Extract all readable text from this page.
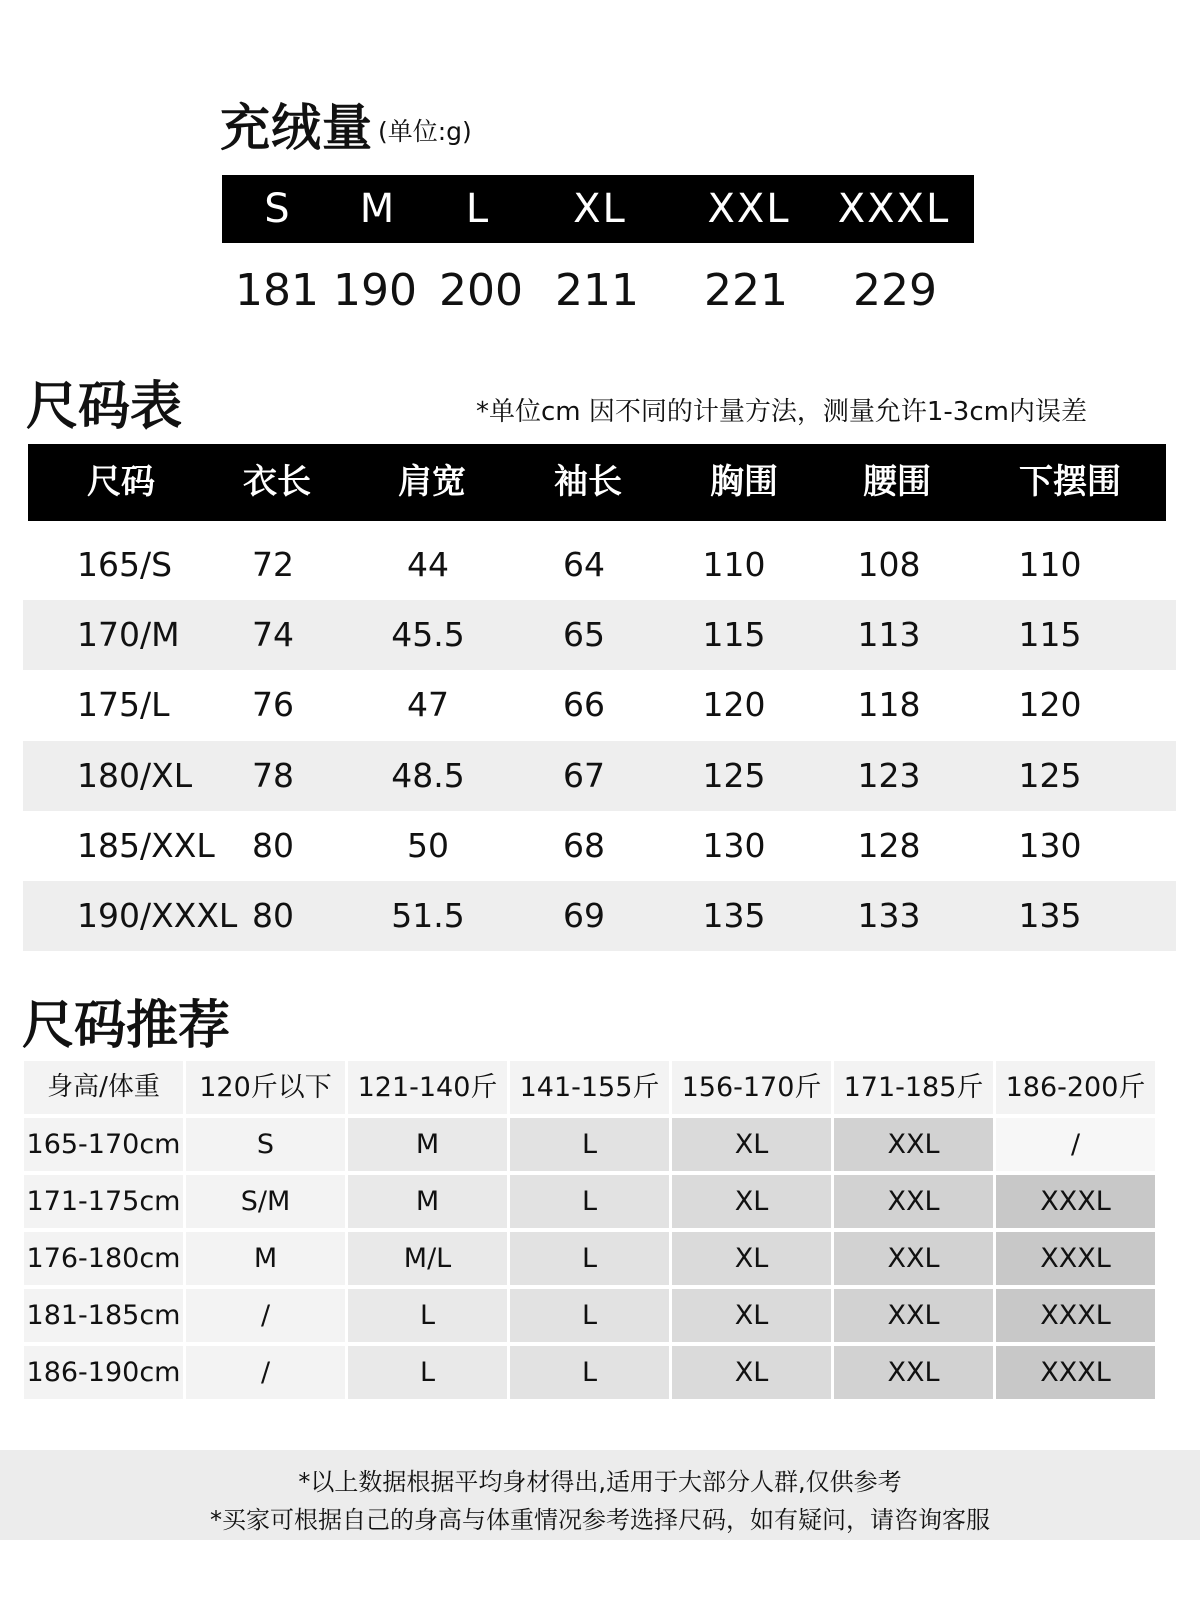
充绒量 (单位:g)
S	M	L	XL	XXL	XXXL
181 190 200 211	221	229
尺码表	*单位cm 因不同的计量方法，测量允许1-3cm内误差
尺码	衣长	肩宽	袖长	胸围	腰围	下摆围
165/S	72	44	64	110	108	110
170/M	74	45.5	65	115	113	115
175/L	76	47	66	120	118	120
180/XL	78	48.5	67	125	123	125
185/XXL	80	50	68	130	128	130
190/XXXL 80	51.5	69	135	133	135
尺码推荐
身高/体重	120斤以下 121-140斤 141-155斤 156-170斤 171-185斤 186-200斤
165-170cm	S	M	L	XL	XXL	/
171-175cm	S/M	M	L	XL	XXL	XXXL
176-180cm	M	M/L	L	XL	XXL	XXXL
181-185cm	/	L	L	XL	XXL	XXXL
186-190cm	/	L	L	XL	XXL	XXXL
*以上数据根据平均身材得出,适用于大部分人群,仅供参考
*买家可根据自己的身高与体重情况参考选择尺码，如有疑问，请咨询客服
